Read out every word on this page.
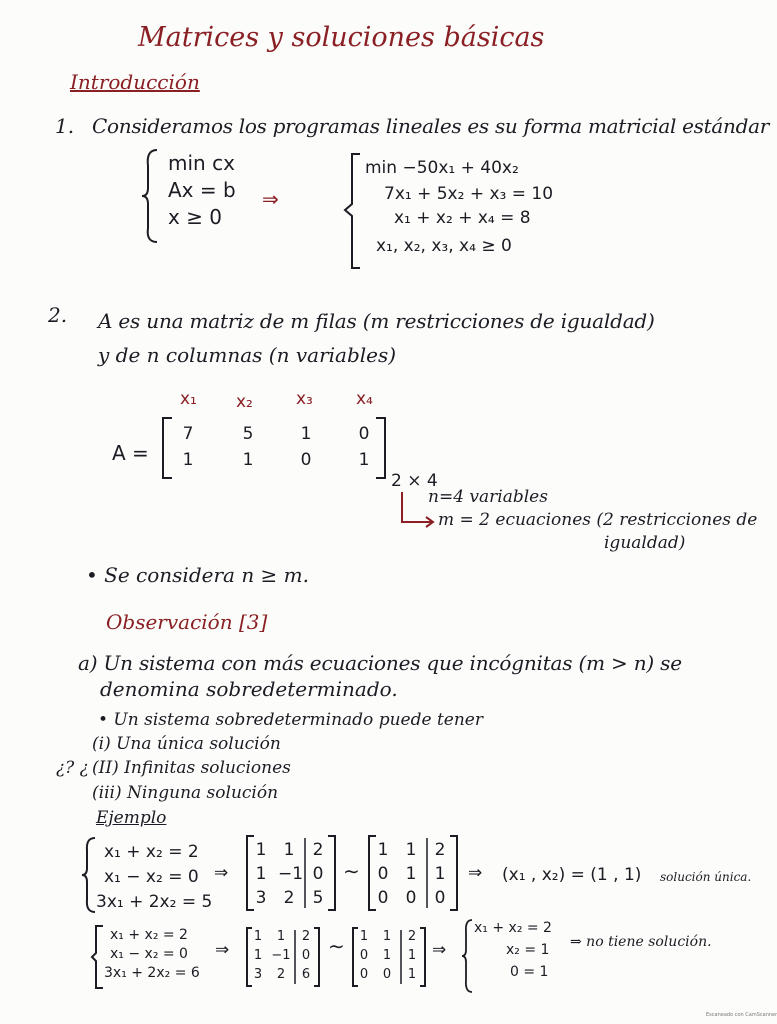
Matrices y soluciones básicas
Introducción
1. Consideramos los programas lineales es su forma matricial estándar
min cx
Ax = b
x ≥ 0
⇒
min −50x₁ + 40x₂
7x₁ + 5x₂ + x₃ = 10
x₁ + x₂ + x₄ = 8
x₁, x₂, x₃, x₄ ≥ 0
2. A es una matriz de m filas (m restricciones de igualdad)
y de n columnas (n variables)
x₁ x₂	x₃	x₄
A =
7	5	1	0
1	1	0	1
2 × 4
n=4 variables
m = 2 ecuaciones (2 restricciones de
igualdad)
• Se considera n ≥ m.
Observación [3]
a) Un sistema con más ecuaciones que incógnitas (m > n) se
denomina sobredeterminado.
• Un sistema sobredeterminado puede tener
(i) Una única solución
¿? ¿ (II) Infinitas soluciones
(iii) Ninguna solución
Ejemplo
x₁ + x₂ = 2
x₁ − x₂ = 0
3x₁ + 2x₂ = 5
⇒
1	1	2
1 −1 0
3	2	5
∼
1	1	2
0	1	1
0	0	0
⇒ (x₁ , x₂) = (1 , 1) solución única.
x₁ + x₂ = 2
x₁ − x₂ = 0
3x₁ + 2x₂ = 6
⇒
1	1	2
1 −1 0
3	2	6
∼	1	1	2
0	1	1
0	0	1
⇒
x₁ + x₂ = 2
x₂ = 1
0 = 1
⇒ no tiene solución.
Escaneado con CamScanner
